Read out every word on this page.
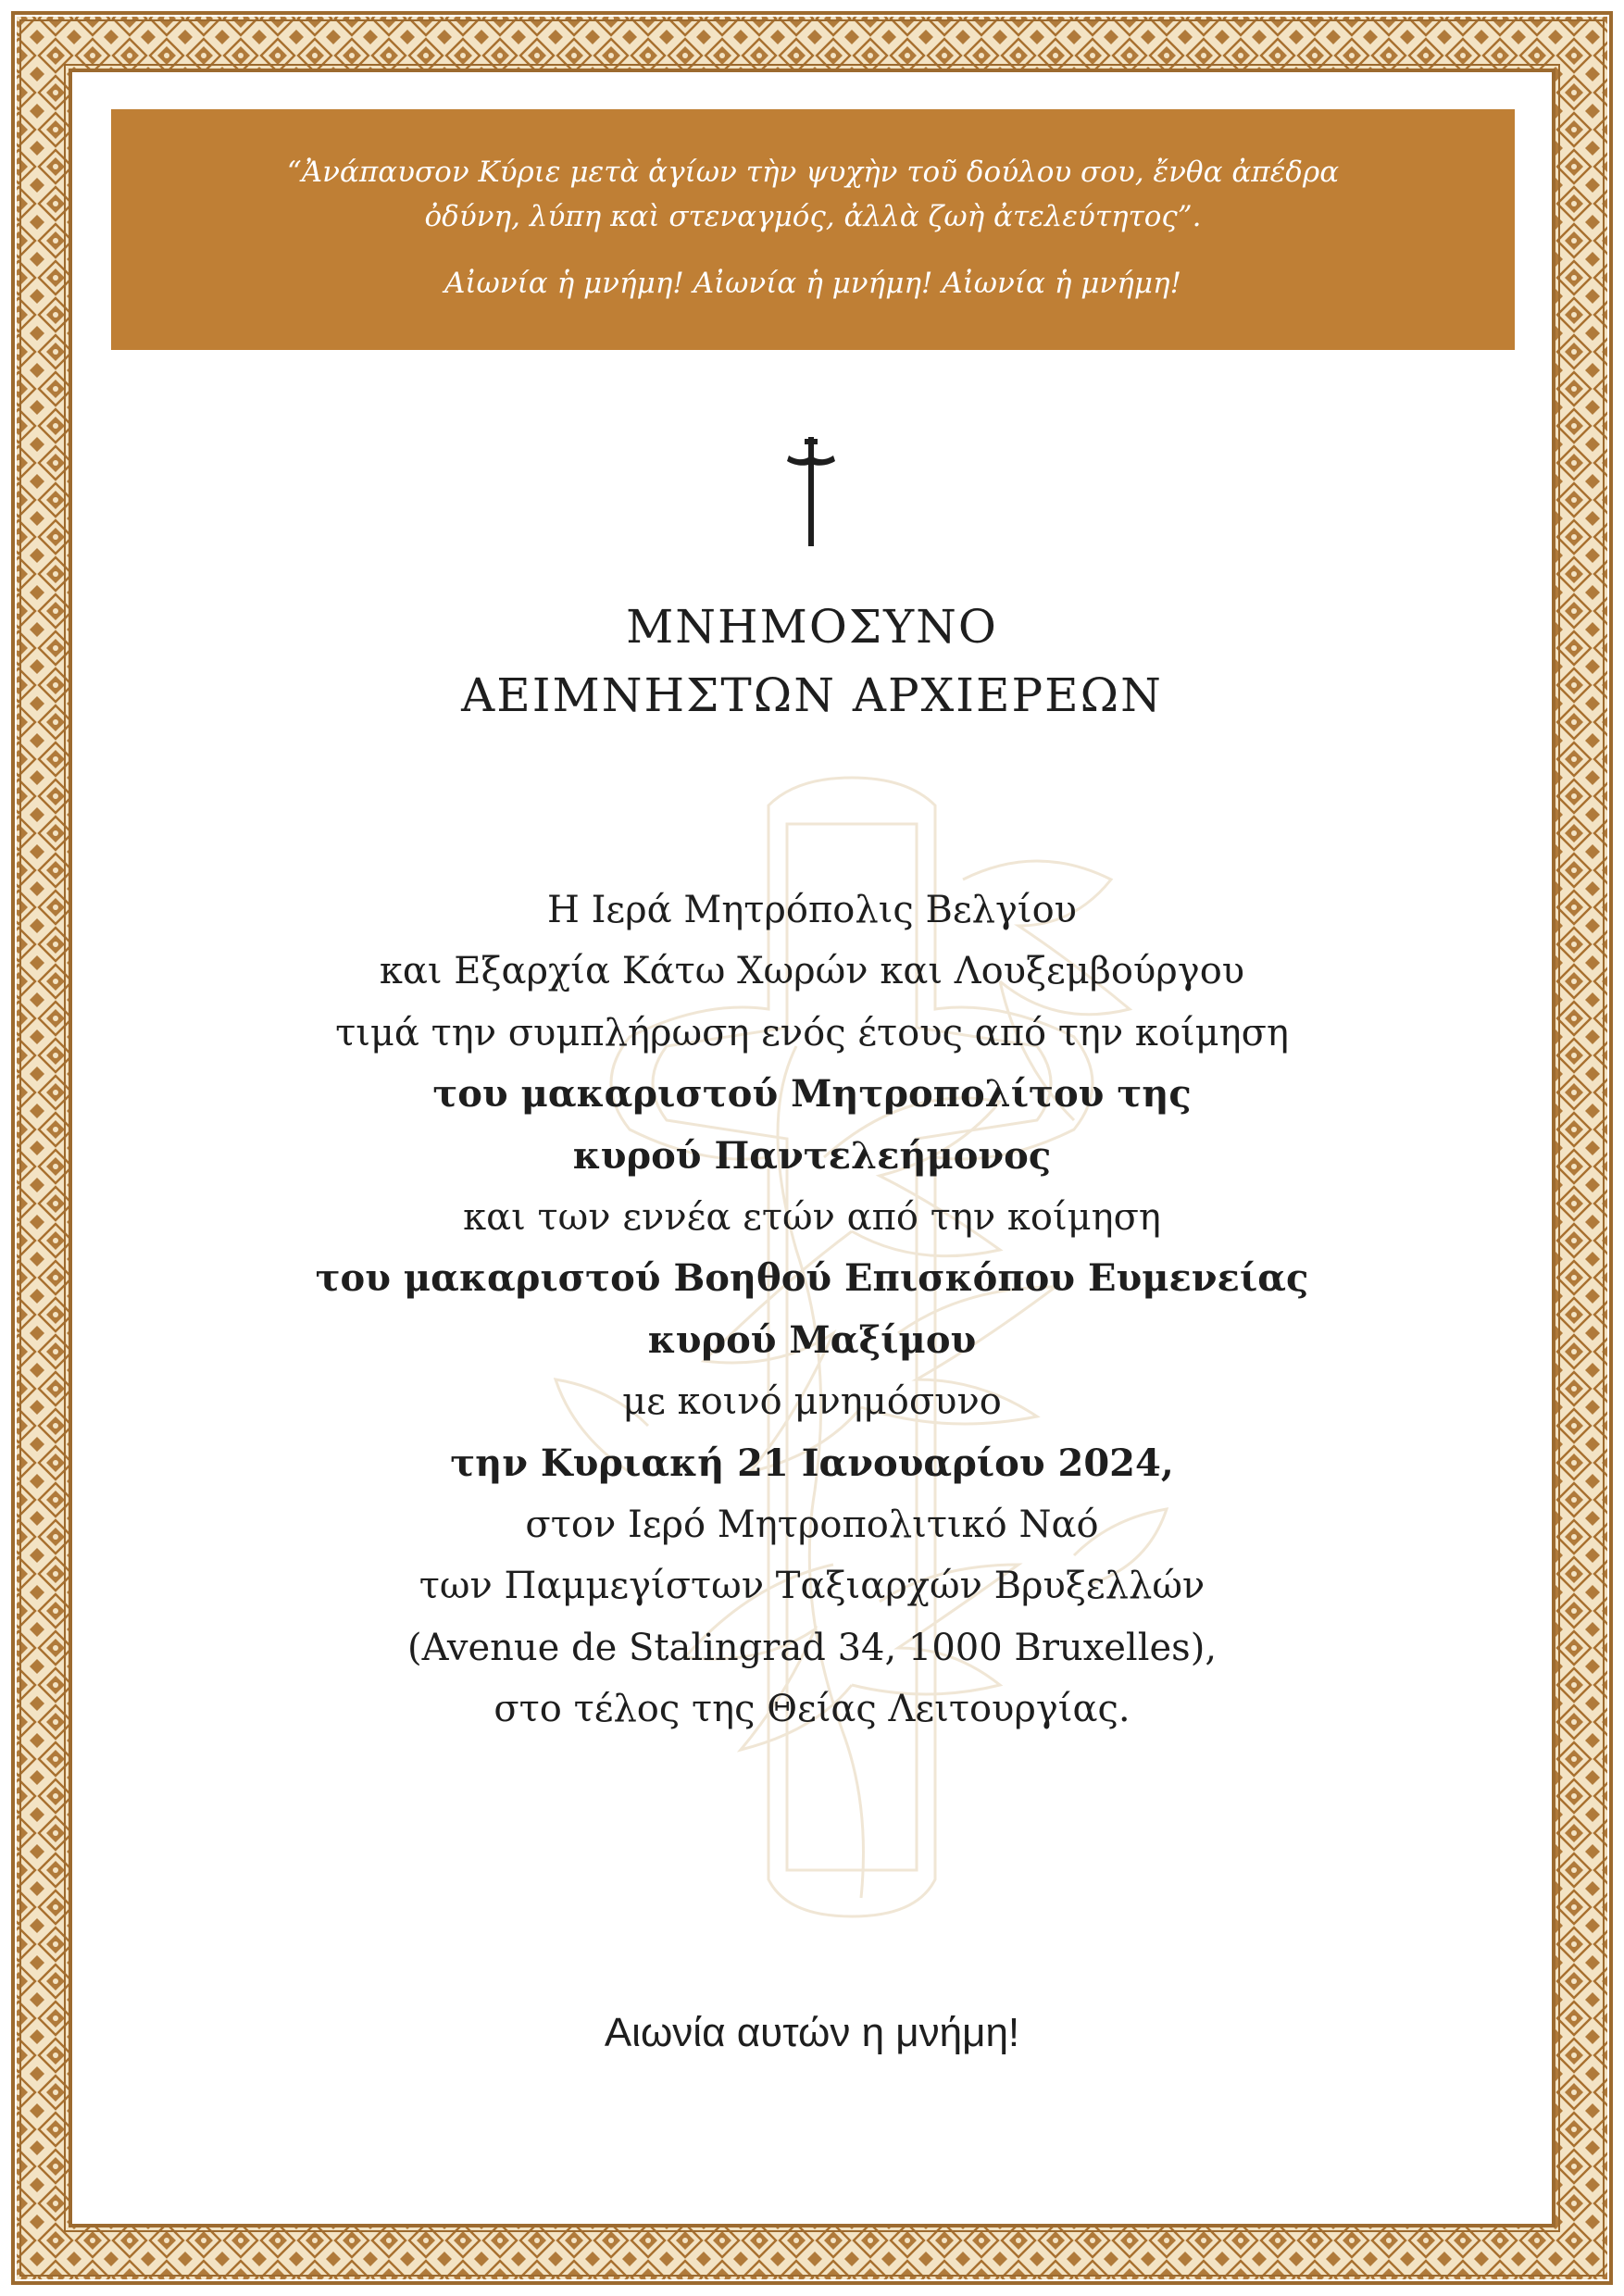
“Ἀνάπαυσον Κύριε μετὰ ἁγίων τὴν ψυχὴν τοῦ δούλου σου, ἔνθα ἀπέδρα
ὀδύνη, λύπη καὶ στεναγμός, ἀλλὰ ζωὴ ἀτελεύτητος”.

Αἰωνία ἡ μνήμη! Αἰωνία ἡ μνήμη! Αἰωνία ἡ μνήμη!

ΜΝΗΜΟΣΥΝΟ
ΑΕΙΜΝΗΣΤΩΝ ΑΡΧΙΕΡΕΩΝ
Η Ιερά Μητρόπολις Βελγίου
και Εξαρχία Κάτω Χωρών και Λουξεμβούργου
τιμά την συμπλήρωση ενός έτους από την κοίμηση
του μακαριστού Μητροπολίτου της
κυρού Παντελεήμονος
και των εννέα ετών από την κοίμηση
του μακαριστού Βοηθού Επισκόπου Ευμενείας
κυρού Μαξίμου
με κοινό μνημόσυνο
την Κυριακή 21 Ιανουαρίου 2024,
στον Ιερό Μητροπολιτικό Ναό
των Παμμεγίστων Ταξιαρχών Βρυξελλών
(Avenue de Stalingrad 34, 1000 Bruxelles),
στο τέλος της Θείας Λειτουργίας.
Αιωνία αυτών η μνήμη!
